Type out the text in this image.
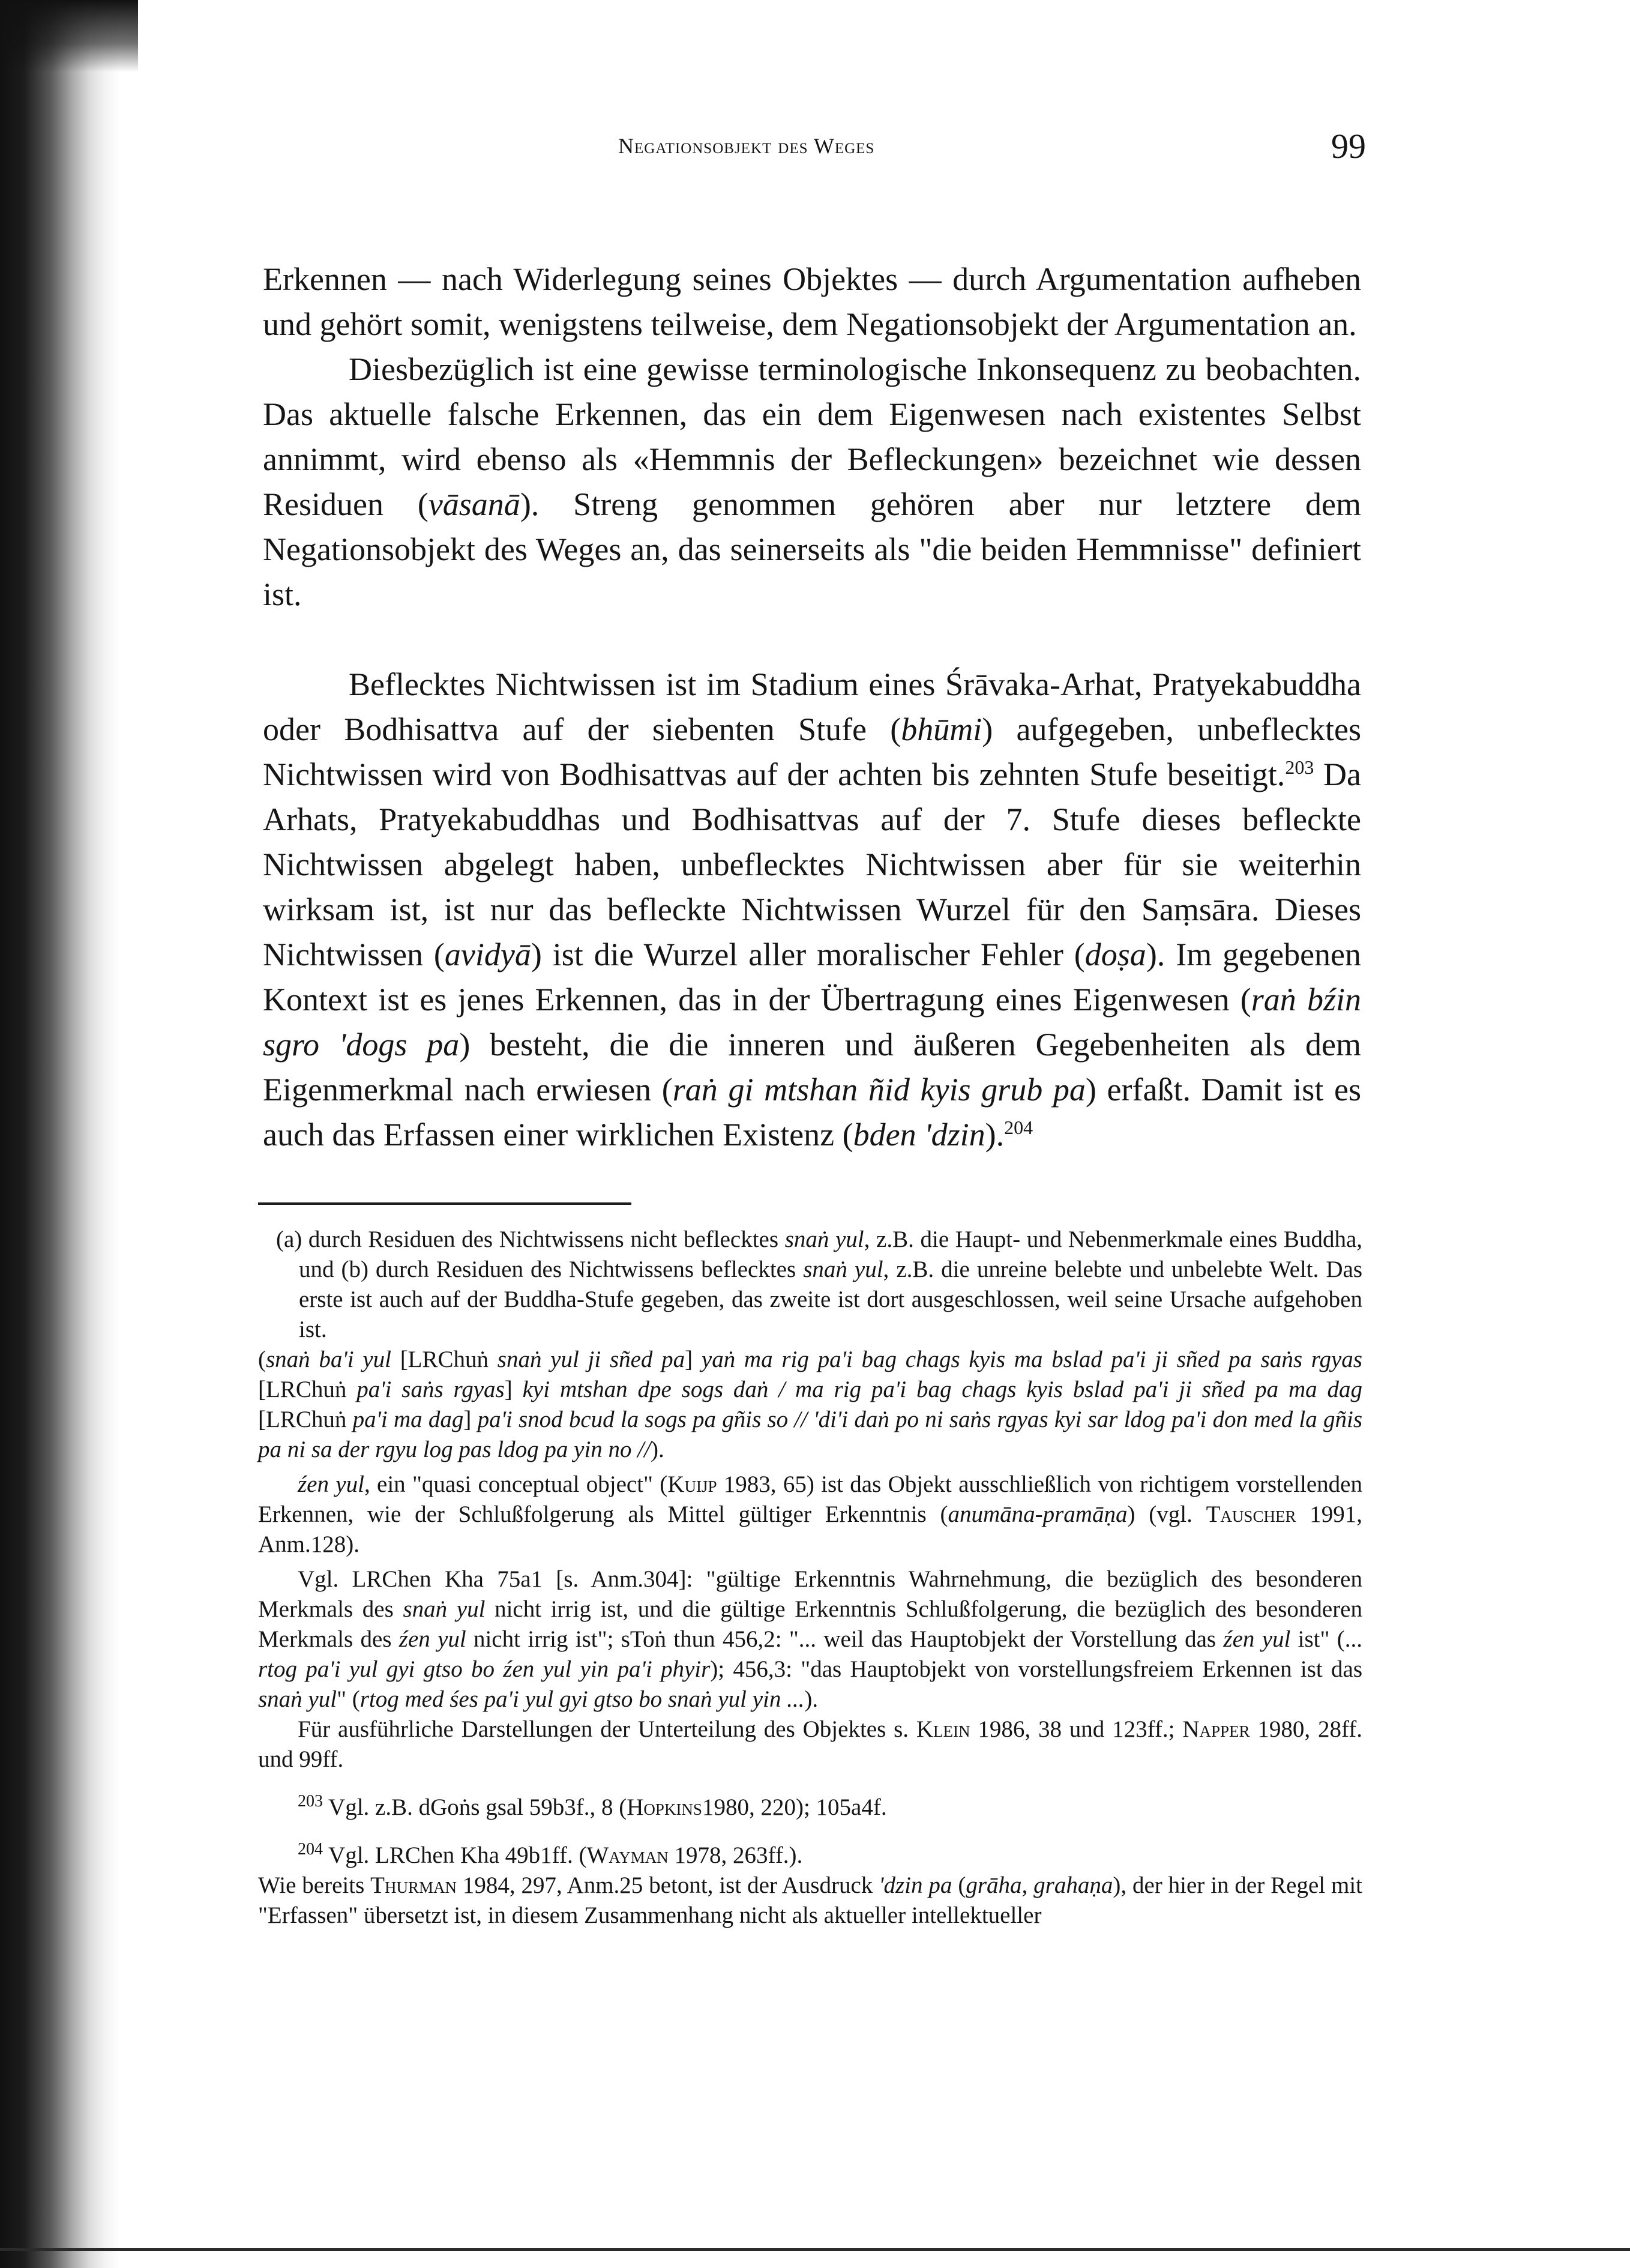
Negationsobjekt des Weges	99

Erkennen — nach Widerlegung seines Objektes — durch Argumentation aufheben und gehört somit, wenigstens teilweise, dem Negationsobjekt der Argumentation an.

Diesbezüglich ist eine gewisse terminologische Inkonsequenz zu beobachten. Das aktuelle falsche Erkennen, das ein dem Eigenwesen nach existentes Selbst annimmt, wird ebenso als «Hemmnis der Befleckungen» bezeichnet wie dessen Residuen (vāsanā). Streng genommen gehören aber nur letztere dem Negationsobjekt des Weges an, das seinerseits als "die beiden Hemmnisse" definiert ist.

Beflecktes Nichtwissen ist im Stadium eines Śrāvaka-Arhat, Pratyekabuddha oder Bodhisattva auf der siebenten Stufe (bhūmi) aufgegeben, unbeflecktes Nichtwissen wird von Bodhisattvas auf der achten bis zehnten Stufe beseitigt.$^{203}$ Da Arhats, Pratyekabuddhas und Bodhisattvas auf der 7. Stufe dieses befleckte Nichtwissen abgelegt haben, unbeflecktes Nichtwissen aber für sie weiterhin wirksam ist, ist nur das befleckte Nichtwissen Wurzel für den Saṃsāra. Dieses Nichtwissen (avidyā) ist die Wurzel aller moralischer Fehler (doṣa). Im gegebenen Kontext ist es jenes Erkennen, das in der Übertragung eines Eigenwesen (raṅ bźin sgro 'dogs pa) besteht, die die inneren und äußeren Gegebenheiten als dem Eigenmerkmal nach erwiesen (raṅ gi mtshan ñid kyis grub pa) erfaßt. Damit ist es auch das Erfassen einer wirklichen Existenz (bden 'dzin).$^{204}$

(a) durch Residuen des Nichtwissens nicht beflecktes snaṅ yul, z.B. die Haupt- und Nebenmerkmale eines Buddha, und (b) durch Residuen des Nichtwissens beflecktes snaṅ yul, z.B. die unreine belebte und unbelebte Welt. Das erste ist auch auf der Buddha-Stufe gegeben, das zweite ist dort ausgeschlossen, weil seine Ursache aufgehoben ist.

(snaṅ ba'i yul [LRChuṅ snaṅ yul ji sñed pa] yaṅ ma rig pa'i bag chags kyis ma bslad pa'i ji sñed pa saṅs rgyas [LRChuṅ pa'i saṅs rgyas] kyi mtshan dpe sogs daṅ / ma rig pa'i bag chags kyis bslad pa'i ji sñed pa ma dag [LRChuṅ pa'i ma dag] pa'i snod bcud la sogs pa gñis so // 'di'i daṅ po ni saṅs rgyas kyi sar ldog pa'i don med la gñis pa ni sa der rgyu log pas ldog pa yin no //).

źen yul, ein "quasi conceptual object" (Kuijp 1983, 65) ist das Objekt ausschließlich von richtigem vorstellenden Erkennen, wie der Schlußfolgerung als Mittel gültiger Erkenntnis (anumāna-pramāṇa) (vgl. Tauscher 1991, Anm.128).

Vgl. LRChen Kha 75a1 [s. Anm.304]: "gültige Erkenntnis Wahrnehmung, die bezüglich des besonderen Merkmals des snaṅ yul nicht irrig ist, und die gültige Erkenntnis Schlußfolgerung, die bezüglich des besonderen Merkmals des źen yul nicht irrig ist"; sToṅ thun 456,2: "... weil das Hauptobjekt der Vorstellung das źen yul ist" (... rtog pa'i yul gyi gtso bo źen yul yin pa'i phyir); 456,3: "das Hauptobjekt von vorstellungsfreiem Erkennen ist das snaṅ yul" (rtog med śes pa'i yul gyi gtso bo snaṅ yul yin ...).

Für ausführliche Darstellungen der Unterteilung des Objektes s. Klein 1986, 38 und 123ff.; Napper 1980, 28ff. und 99ff.

$^{203}$ Vgl. z.B. dGoṅs gsal 59b3f., 8 (Hopkins1980, 220); 105a4f.

$^{204}$ Vgl. LRChen Kha 49b1ff. (Wayman 1978, 263ff.).

Wie bereits Thurman 1984, 297, Anm.25 betont, ist der Ausdruck 'dzin pa (grāha, grahaṇa), der hier in der Regel mit "Erfassen" übersetzt ist, in diesem Zusammenhang nicht als aktueller intellektueller
